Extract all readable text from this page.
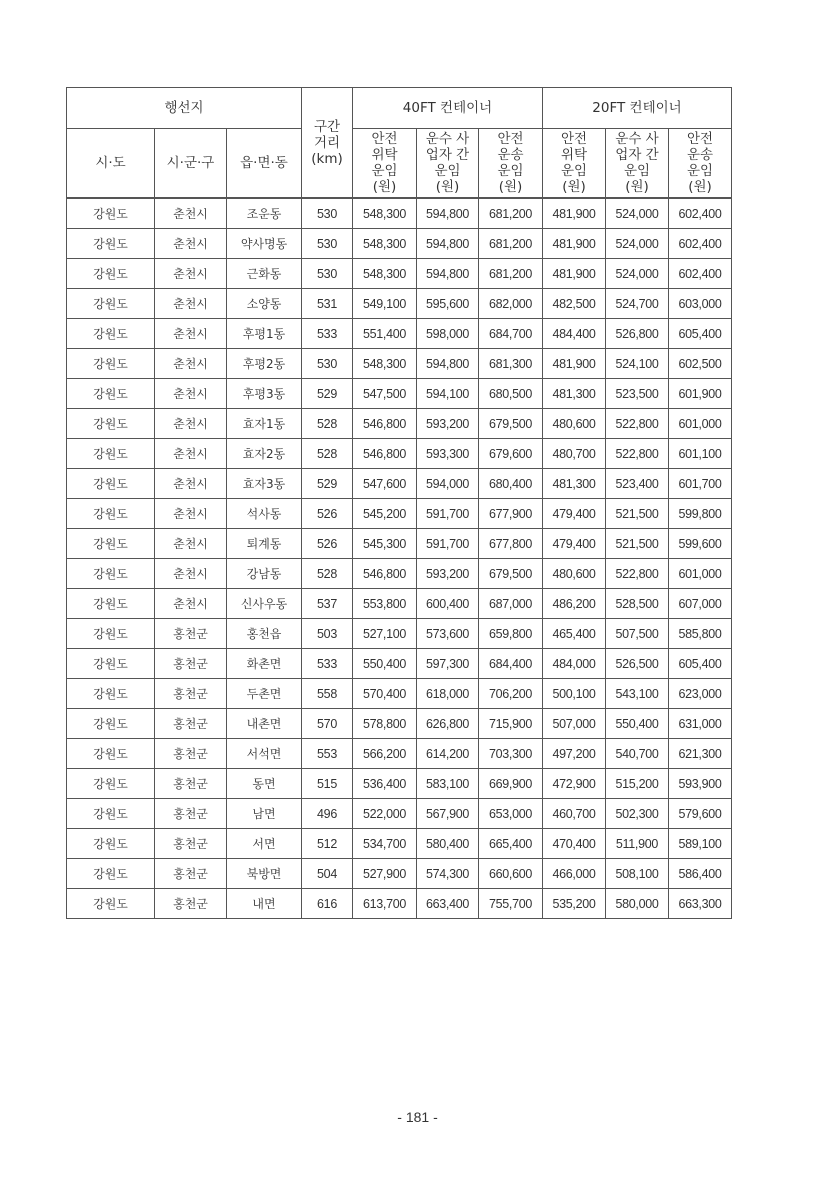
행선지			구간 거리 (km)	40FT 컨테이너			20FT 컨테이너		
시·도	시·군·구	읍·면·동		안전 위탁 운임 (원)	운수 사업자 간 운임 (원)	안전 운송 운임 (원)	안전 위탁 운임 (원)	운수 사업자 간 운임 (원)	안전 운송 운임 (원)
강원도	춘천시	조운동	530	548,300	594,800	681,200	481,900	524,000	602,400
강원도	춘천시	약사명동	530	548,300	594,800	681,200	481,900	524,000	602,400
강원도	춘천시	근화동	530	548,300	594,800	681,200	481,900	524,000	602,400
강원도	춘천시	소양동	531	549,100	595,600	682,000	482,500	524,700	603,000
강원도	춘천시	후평1동	533	551,400	598,000	684,700	484,400	526,800	605,400
강원도	춘천시	후평2동	530	548,300	594,800	681,300	481,900	524,100	602,500
강원도	춘천시	후평3동	529	547,500	594,100	680,500	481,300	523,500	601,900
강원도	춘천시	효자1동	528	546,800	593,200	679,500	480,600	522,800	601,000
강원도	춘천시	효자2동	528	546,800	593,300	679,600	480,700	522,800	601,100
강원도	춘천시	효자3동	529	547,600	594,000	680,400	481,300	523,400	601,700
강원도	춘천시	석사동	526	545,200	591,700	677,900	479,400	521,500	599,800
강원도	춘천시	퇴계동	526	545,300	591,700	677,800	479,400	521,500	599,600
강원도	춘천시	강남동	528	546,800	593,200	679,500	480,600	522,800	601,000
강원도	춘천시	신사우동	537	553,800	600,400	687,000	486,200	528,500	607,000
강원도	홍천군	홍천읍	503	527,100	573,600	659,800	465,400	507,500	585,800
강원도	홍천군	화촌면	533	550,400	597,300	684,400	484,000	526,500	605,400
강원도	홍천군	두촌면	558	570,400	618,000	706,200	500,100	543,100	623,000
강원도	홍천군	내촌면	570	578,800	626,800	715,900	507,000	550,400	631,000
강원도	홍천군	서석면	553	566,200	614,200	703,300	497,200	540,700	621,300
강원도	홍천군	동면	515	536,400	583,100	669,900	472,900	515,200	593,900
강원도	홍천군	남면	496	522,000	567,900	653,000	460,700	502,300	579,600
강원도	홍천군	서면	512	534,700	580,400	665,400	470,400	511,900	589,100
강원도	홍천군	북방면	504	527,900	574,300	660,600	466,000	508,100	586,400
강원도	홍천군	내면	616	613,700	663,400	755,700	535,200	580,000	663,300
- 181 -
